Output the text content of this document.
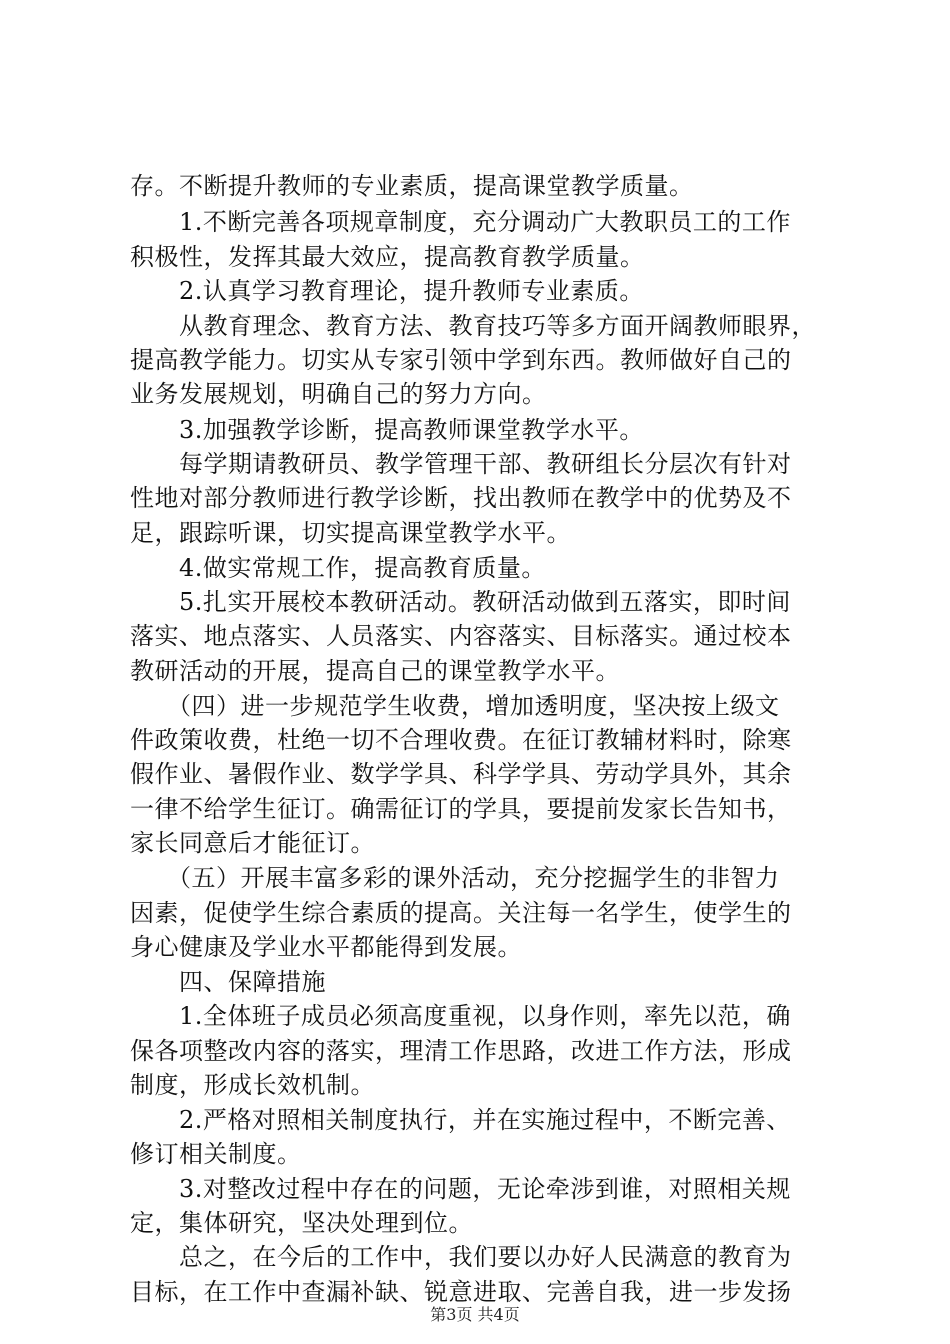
存。不断提升教师的专业素质，提高课堂教学质量。
　　1.不断完善各项规章制度，充分调动广大教职员工的工作
积极性，发挥其最大效应，提高教育教学质量。
　　2.认真学习教育理论，提升教师专业素质。
　　从教育理念、教育方法、教育技巧等多方面开阔教师眼界，
提高教学能力。切实从专家引领中学到东西。教师做好自己的
业务发展规划，明确自己的努力方向。
　　3.加强教学诊断，提高教师课堂教学水平。
　　每学期请教研员、教学管理干部、教研组长分层次有针对
性地对部分教师进行教学诊断，找出教师在教学中的优势及不
足，跟踪听课，切实提高课堂教学水平。
　　4.做实常规工作，提高教育质量。
　　5.扎实开展校本教研活动。教研活动做到五落实，即时间
落实、地点落实、人员落实、内容落实、目标落实。通过校本
教研活动的开展，提高自己的课堂教学水平。
　　（四）进一步规范学生收费，增加透明度，坚决按上级文
件政策收费，杜绝一切不合理收费。在征订教辅材料时，除寒
假作业、暑假作业、数学学具、科学学具、劳动学具外，其余
一律不给学生征订。确需征订的学具，要提前发家长告知书，
家长同意后才能征订。
　　（五）开展丰富多彩的课外活动，充分挖掘学生的非智力
因素，促使学生综合素质的提高。关注每一名学生，使学生的
身心健康及学业水平都能得到发展。
　　四、保障措施
　　1.全体班子成员必须高度重视，以身作则，率先以范，确
保各项整改内容的落实，理清工作思路，改进工作方法，形成
制度，形成长效机制。
　　2.严格对照相关制度执行，并在实施过程中，不断完善、
修订相关制度。
　　3.对整改过程中存在的问题，无论牵涉到谁，对照相关规
定，集体研究，坚决处理到位。
　　总之，在今后的工作中，我们要以办好人民满意的教育为
目标，在工作中查漏补缺、锐意进取、完善自我，进一步发扬
第3页 共4页
